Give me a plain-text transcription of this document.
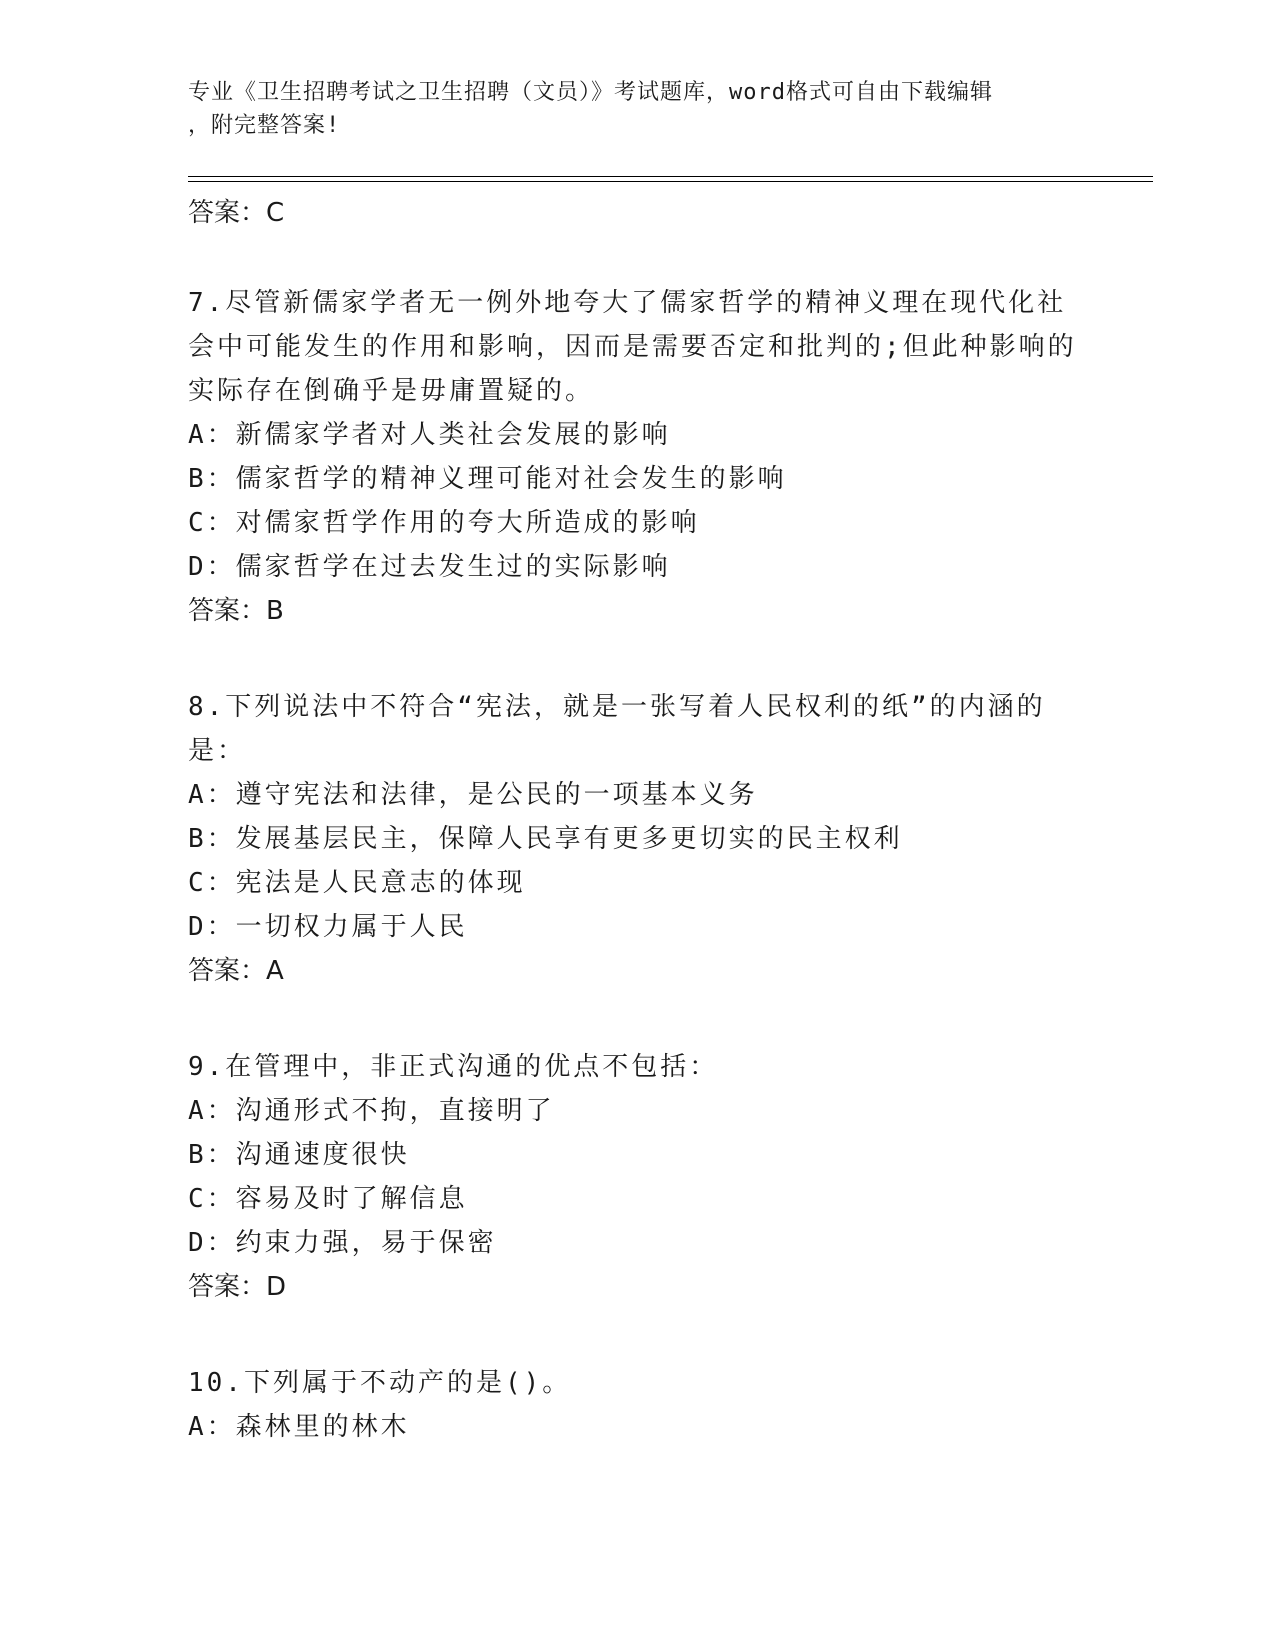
专业《卫生招聘考试之卫生招聘（文员）》考试题库，word格式可自由下载编辑
，附完整答案!
答案：C
7.尽管新儒家学者无一例外地夸大了儒家哲学的精神义理在现代化社
会中可能发生的作用和影响，因而是需要否定和批判的;但此种影响的
实际存在倒确乎是毋庸置疑的。
A：新儒家学者对人类社会发展的影响
B：儒家哲学的精神义理可能对社会发生的影响
C：对儒家哲学作用的夸大所造成的影响
D：儒家哲学在过去发生过的实际影响
答案：B
8.下列说法中不符合“宪法，就是一张写着人民权利的纸”的内涵的
是：
A：遵守宪法和法律，是公民的一项基本义务
B：发展基层民主，保障人民享有更多更切实的民主权利
C：宪法是人民意志的体现
D：一切权力属于人民
答案：A
9.在管理中，非正式沟通的优点不包括：
A：沟通形式不拘，直接明了
B：沟通速度很快
C：容易及时了解信息
D：约束力强，易于保密
答案：D
10.下列属于不动产的是()。
A：森林里的林木
